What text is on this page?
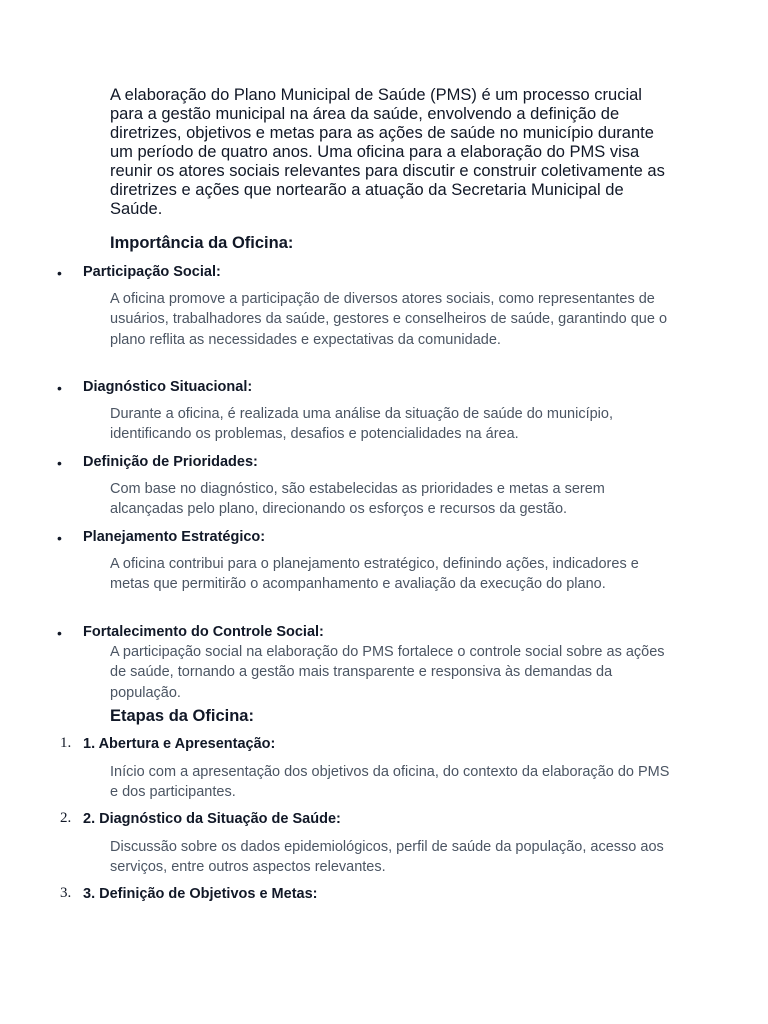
A elaboração do Plano Municipal de Saúde (PMS) é um processo crucial para a gestão municipal na área da saúde, envolvendo a definição de diretrizes, objetivos e metas para as ações de saúde no município durante um período de quatro anos. Uma oficina para a elaboração do PMS visa reunir os atores sociais relevantes para discutir e construir coletivamente as diretrizes e ações que nortearão a atuação da Secretaria Municipal de Saúde.

Importância da Oficina:
• Participação Social:

A oficina promove a participação de diversos atores sociais, como representantes de usuários, trabalhadores da saúde, gestores e conselheiros de saúde, garantindo que o plano reflita as necessidades e expectativas da comunidade.

• Diagnóstico Situacional:

Durante a oficina, é realizada uma análise da situação de saúde do município, identificando os problemas, desafios e potencialidades na área.

• Definição de Prioridades:

Com base no diagnóstico, são estabelecidas as prioridades e metas a serem alcançadas pelo plano, direcionando os esforços e recursos da gestão.

• Planejamento Estratégico:

A oficina contribui para o planejamento estratégico, definindo ações, indicadores e metas que permitirão o acompanhamento e avaliação da execução do plano.

• Fortalecimento do Controle Social:

A participação social na elaboração do PMS fortalece o controle social sobre as ações de saúde, tornando a gestão mais transparente e responsiva às demandas da população.

Etapas da Oficina:
1. 1. Abertura e Apresentação:

Início com a apresentação dos objetivos da oficina, do contexto da elaboração do PMS e dos participantes.

2. 2. Diagnóstico da Situação de Saúde:

Discussão sobre os dados epidemiológicos, perfil de saúde da população, acesso aos serviços, entre outros aspectos relevantes.

3. 3. Definição de Objetivos e Metas:
